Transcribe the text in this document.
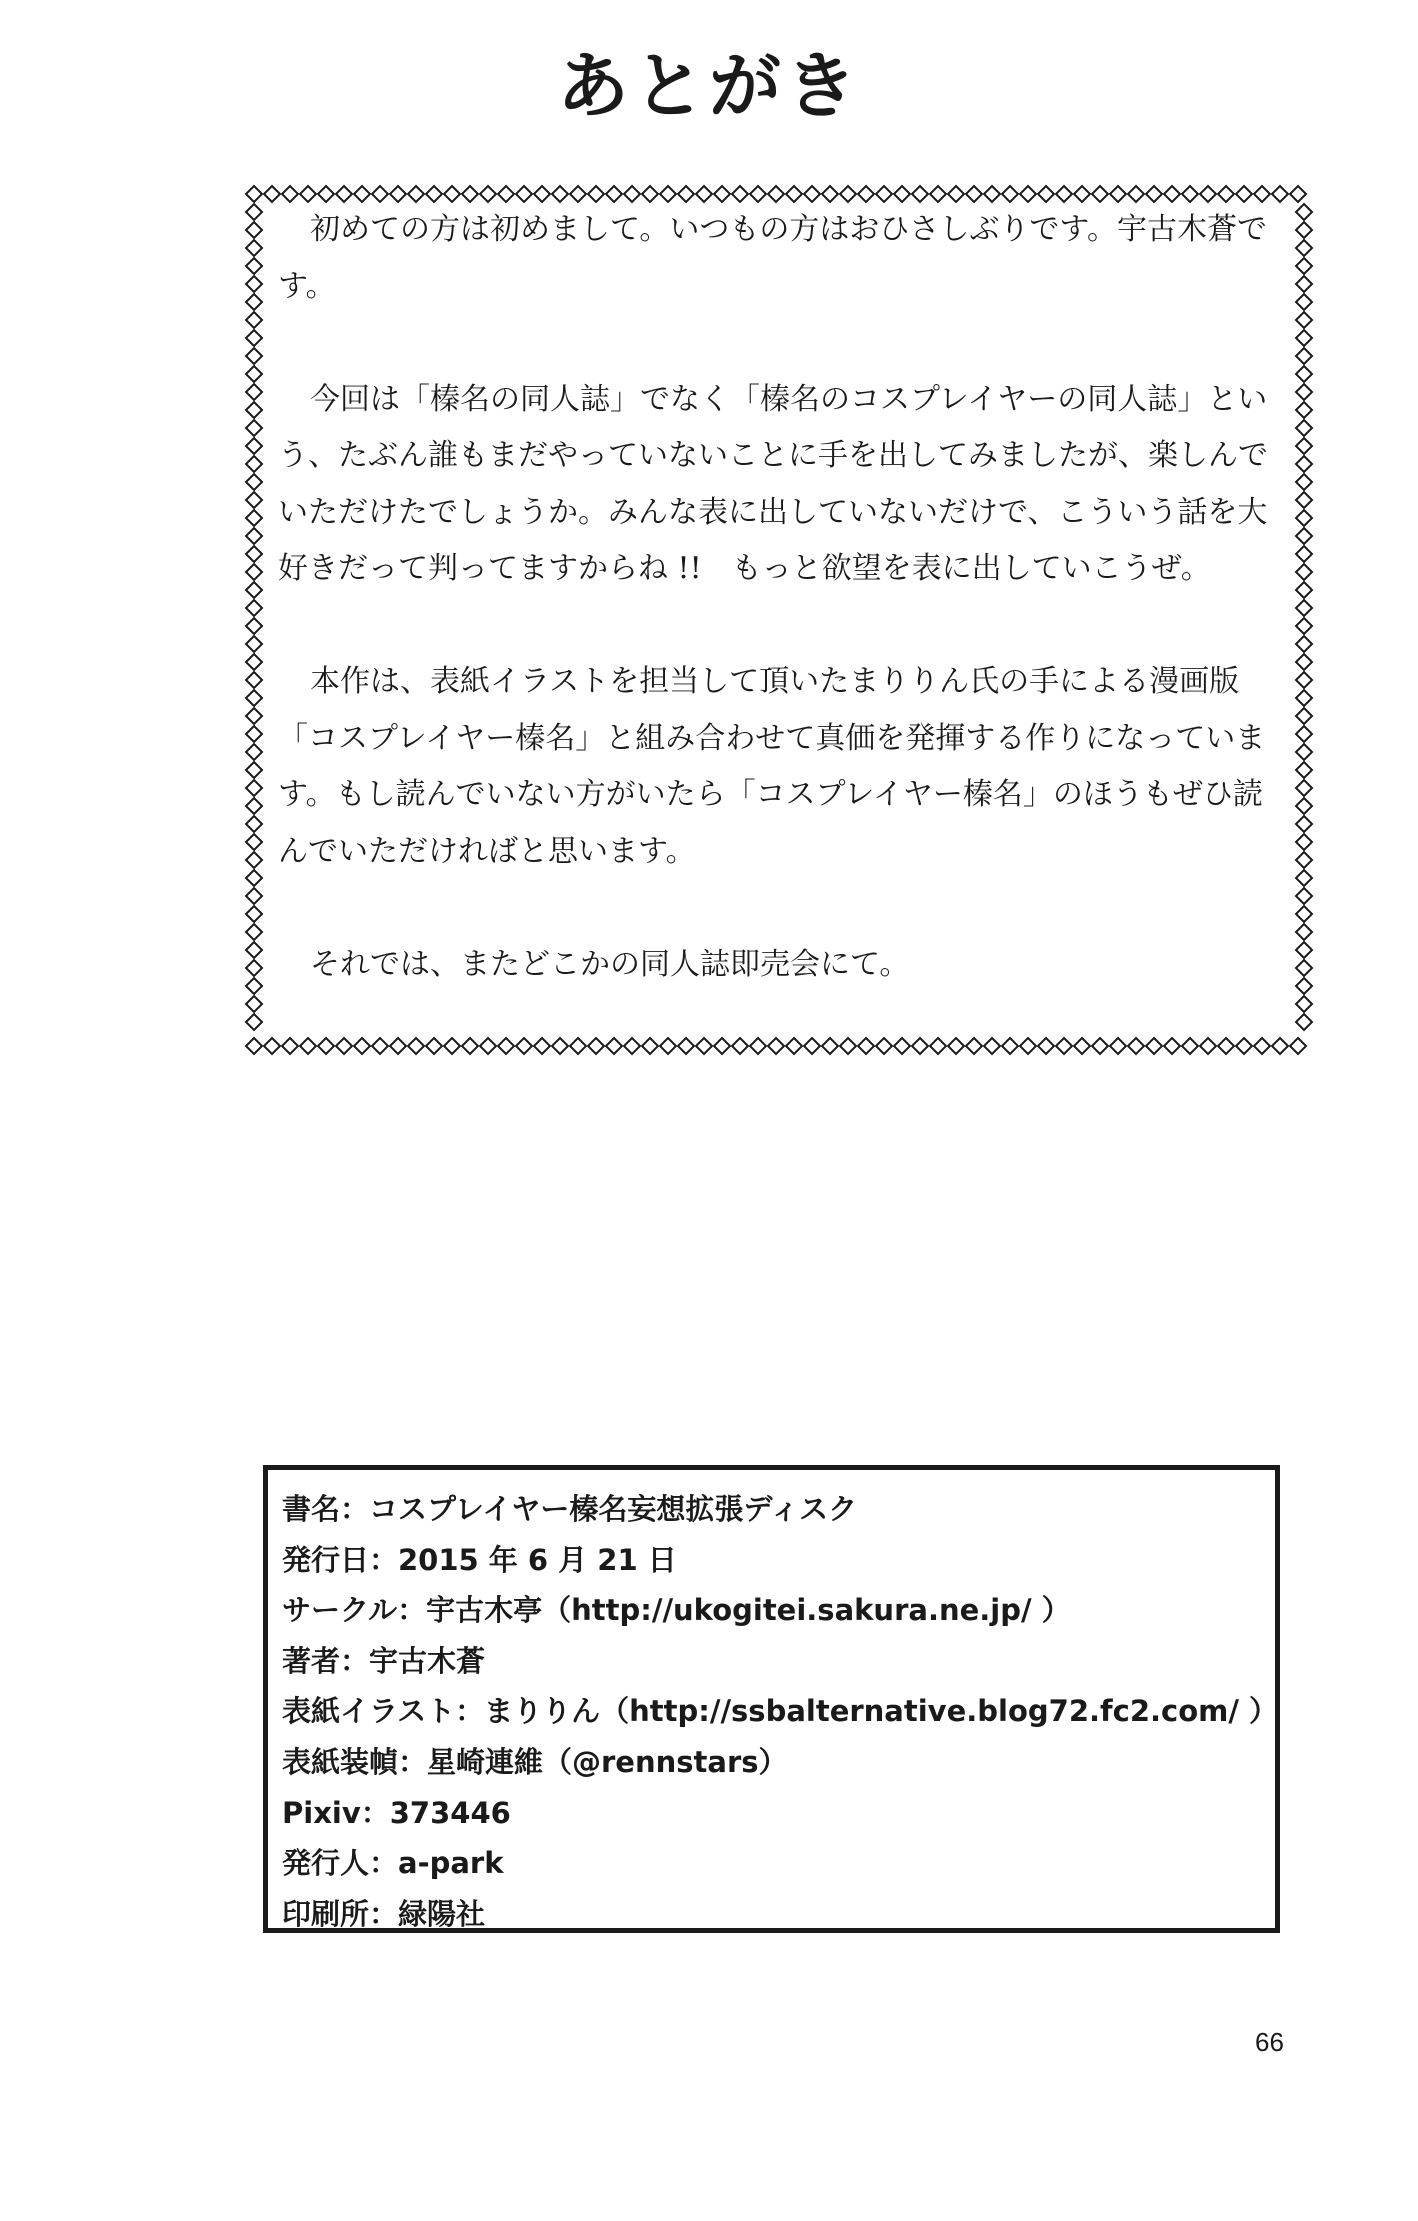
あとがき

初めての方は初めまして。いつもの方はおひさしぶりです。宇古木蒼です。

今回は「榛名の同人誌」でなく「榛名のコスプレイヤーの同人誌」という、たぶん誰もまだやっていないことに手を出してみましたが、楽しんでいただけたでしょうか。みんな表に出していないだけで、こういう話を大好きだって判ってますからね !!　もっと欲望を表に出していこうぜ。

本作は、表紙イラストを担当して頂いたまりりん氏の手による漫画版「コスプレイヤー榛名」と組み合わせて真価を発揮する作りになっています。もし読んでいない方がいたら「コスプレイヤー榛名」のほうもぜひ読んでいただければと思います。

それでは、またどこかの同人誌即売会にて。

書名：コスプレイヤー榛名妄想拡張ディスク
発行日：2015 年 6 月 21 日
サークル：宇古木亭（http://ukogitei.sakura.ne.jp/ ）
著者：宇古木蒼
表紙イラスト：まりりん（http://ssbalternative.blog72.fc2.com/ ）
表紙装幀：星崎連維（@rennstars）
Pixiv：373446
発行人：a-park
印刷所：緑陽社
66
